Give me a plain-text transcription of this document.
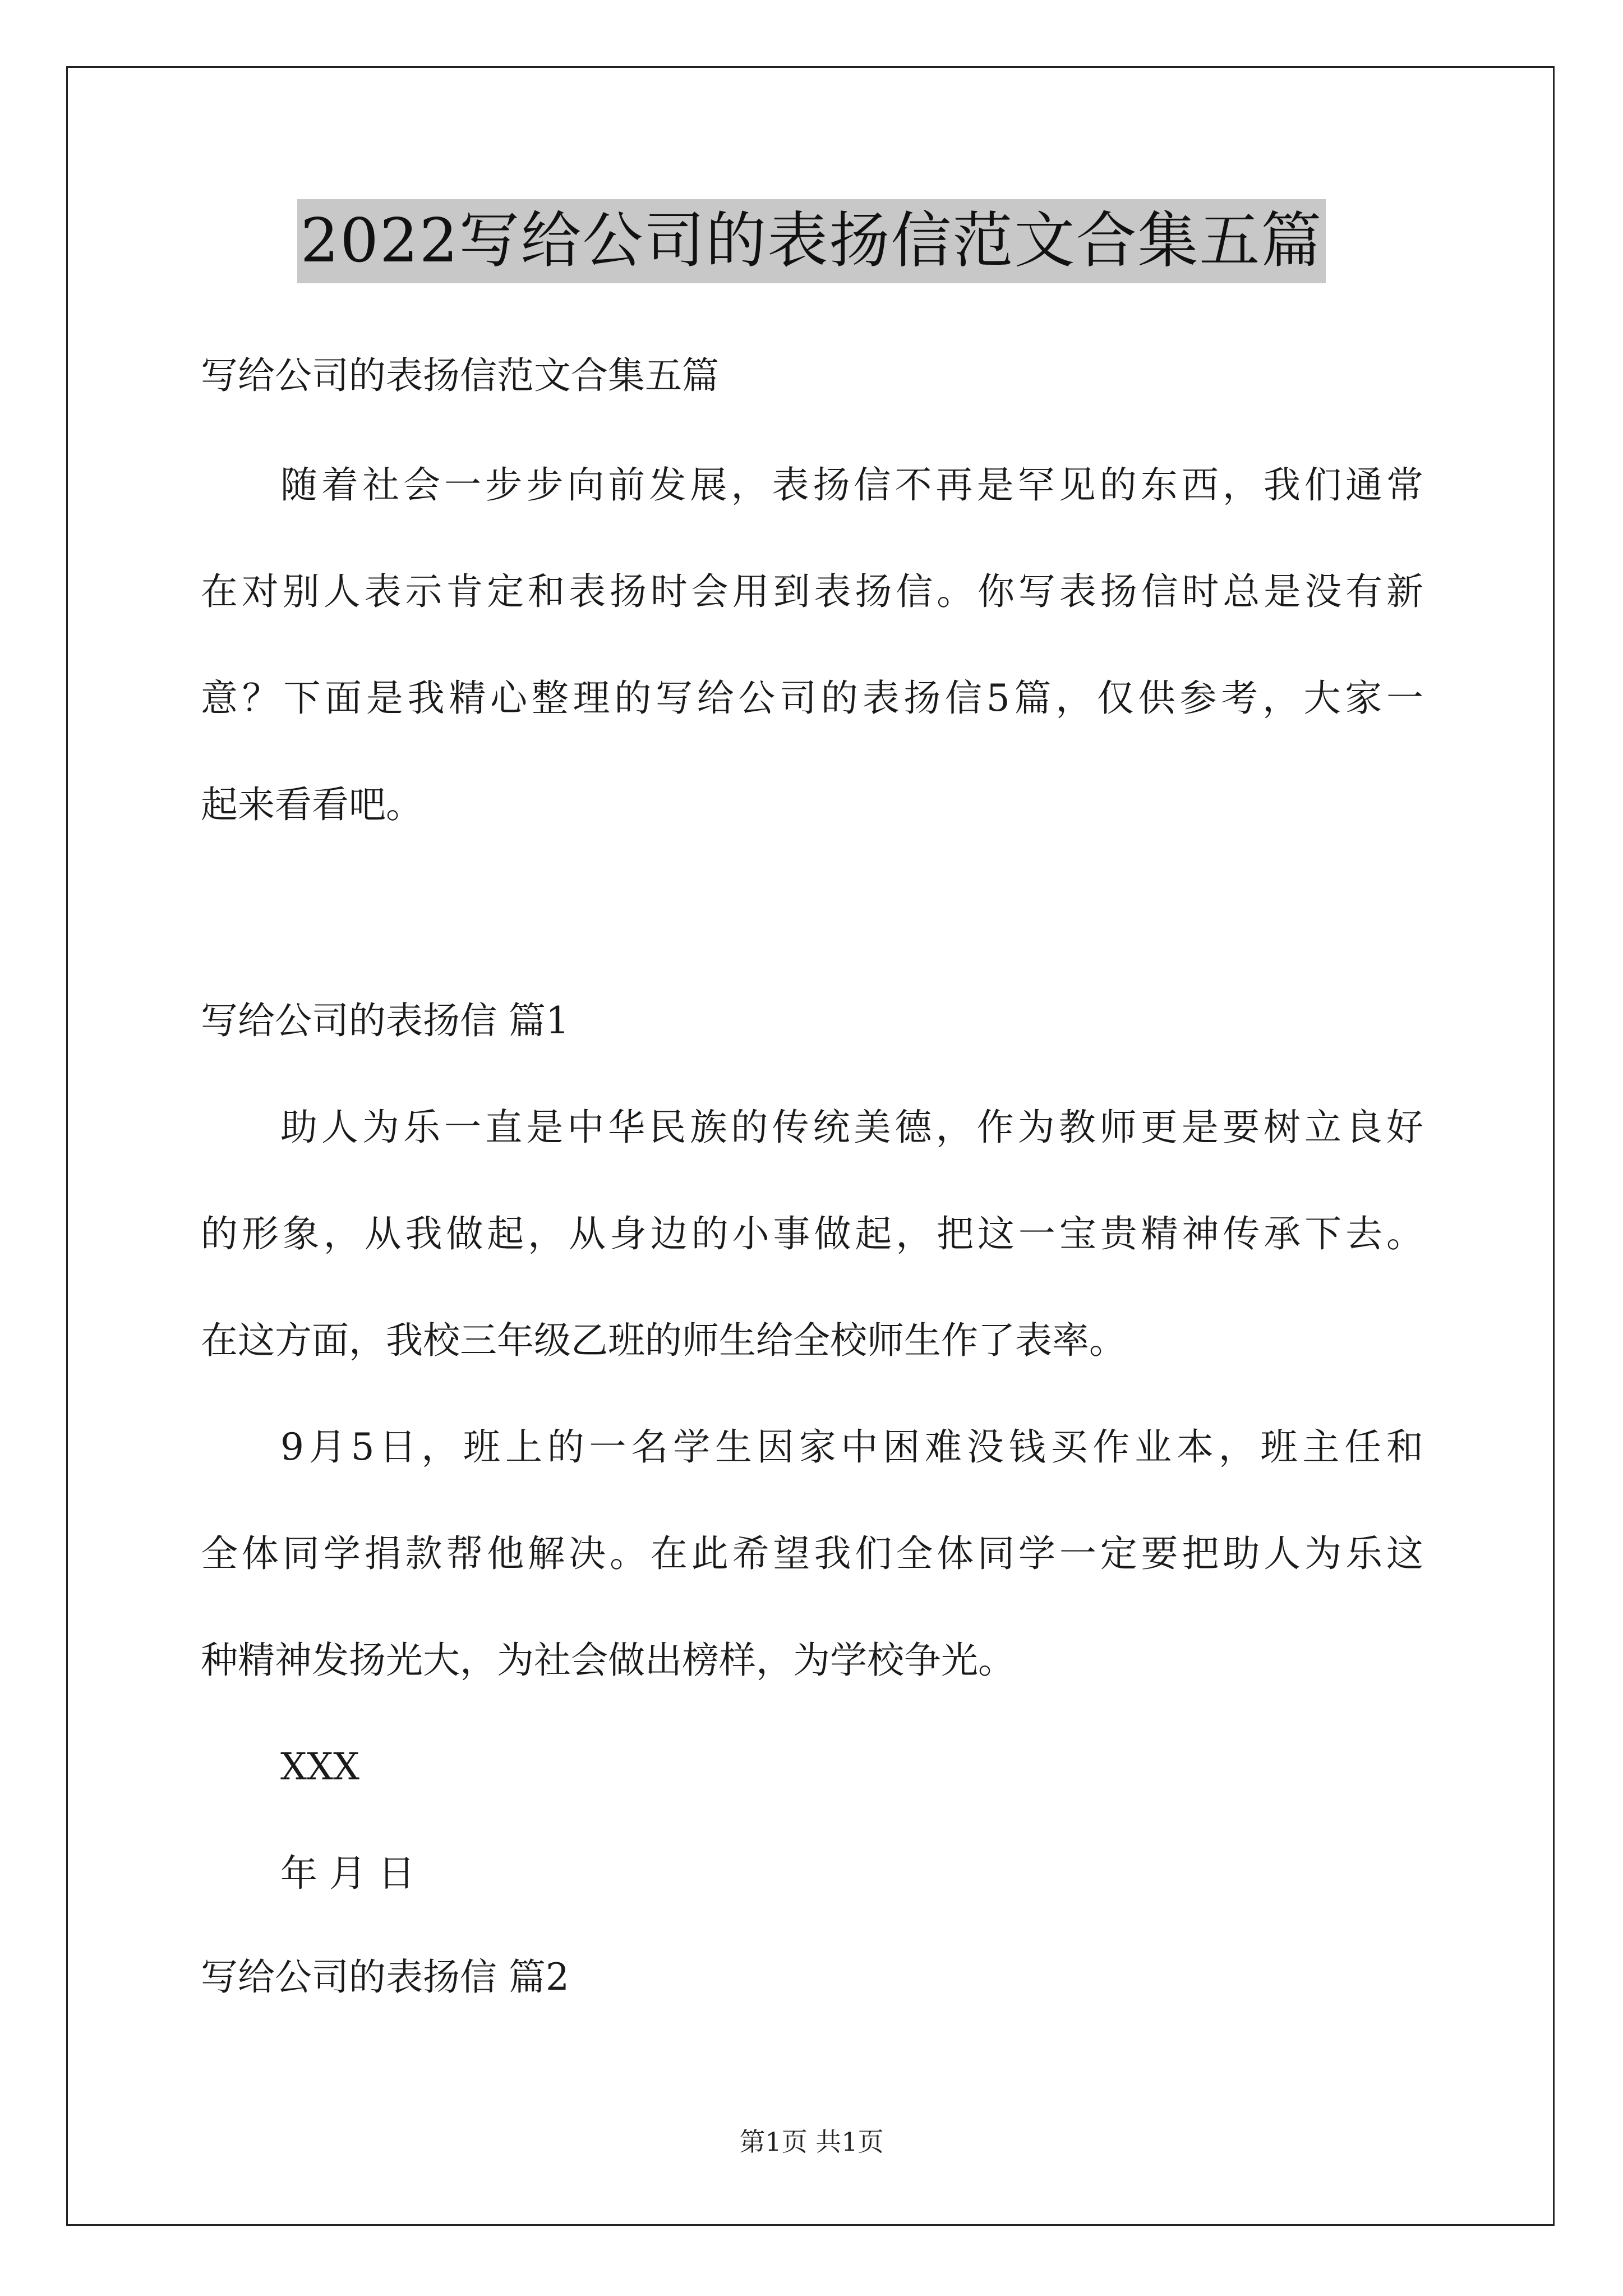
2022写给公司的表扬信范文合集五篇
写给公司的表扬信范文合集五篇
随着社会一步步向前发展，表扬信不再是罕见的东西，我们通常
在对别人表示肯定和表扬时会用到表扬信。你写表扬信时总是没有新
意？下面是我精心整理的写给公司的表扬信5篇，仅供参考，大家一
起来看看吧。
写给公司的表扬信 篇1
助人为乐一直是中华民族的传统美德，作为教师更是要树立良好
的形象，从我做起，从身边的小事做起，把这一宝贵精神传承下去。
在这方面，我校三年级乙班的师生给全校师生作了表率。
9月5日，班上的一名学生因家中困难没钱买作业本，班主任和
全体同学捐款帮他解决。在此希望我们全体同学一定要把助人为乐这
种精神发扬光大，为社会做出榜样，为学校争光。
XXX
年 月 日
写给公司的表扬信 篇2
第1页 共1页
